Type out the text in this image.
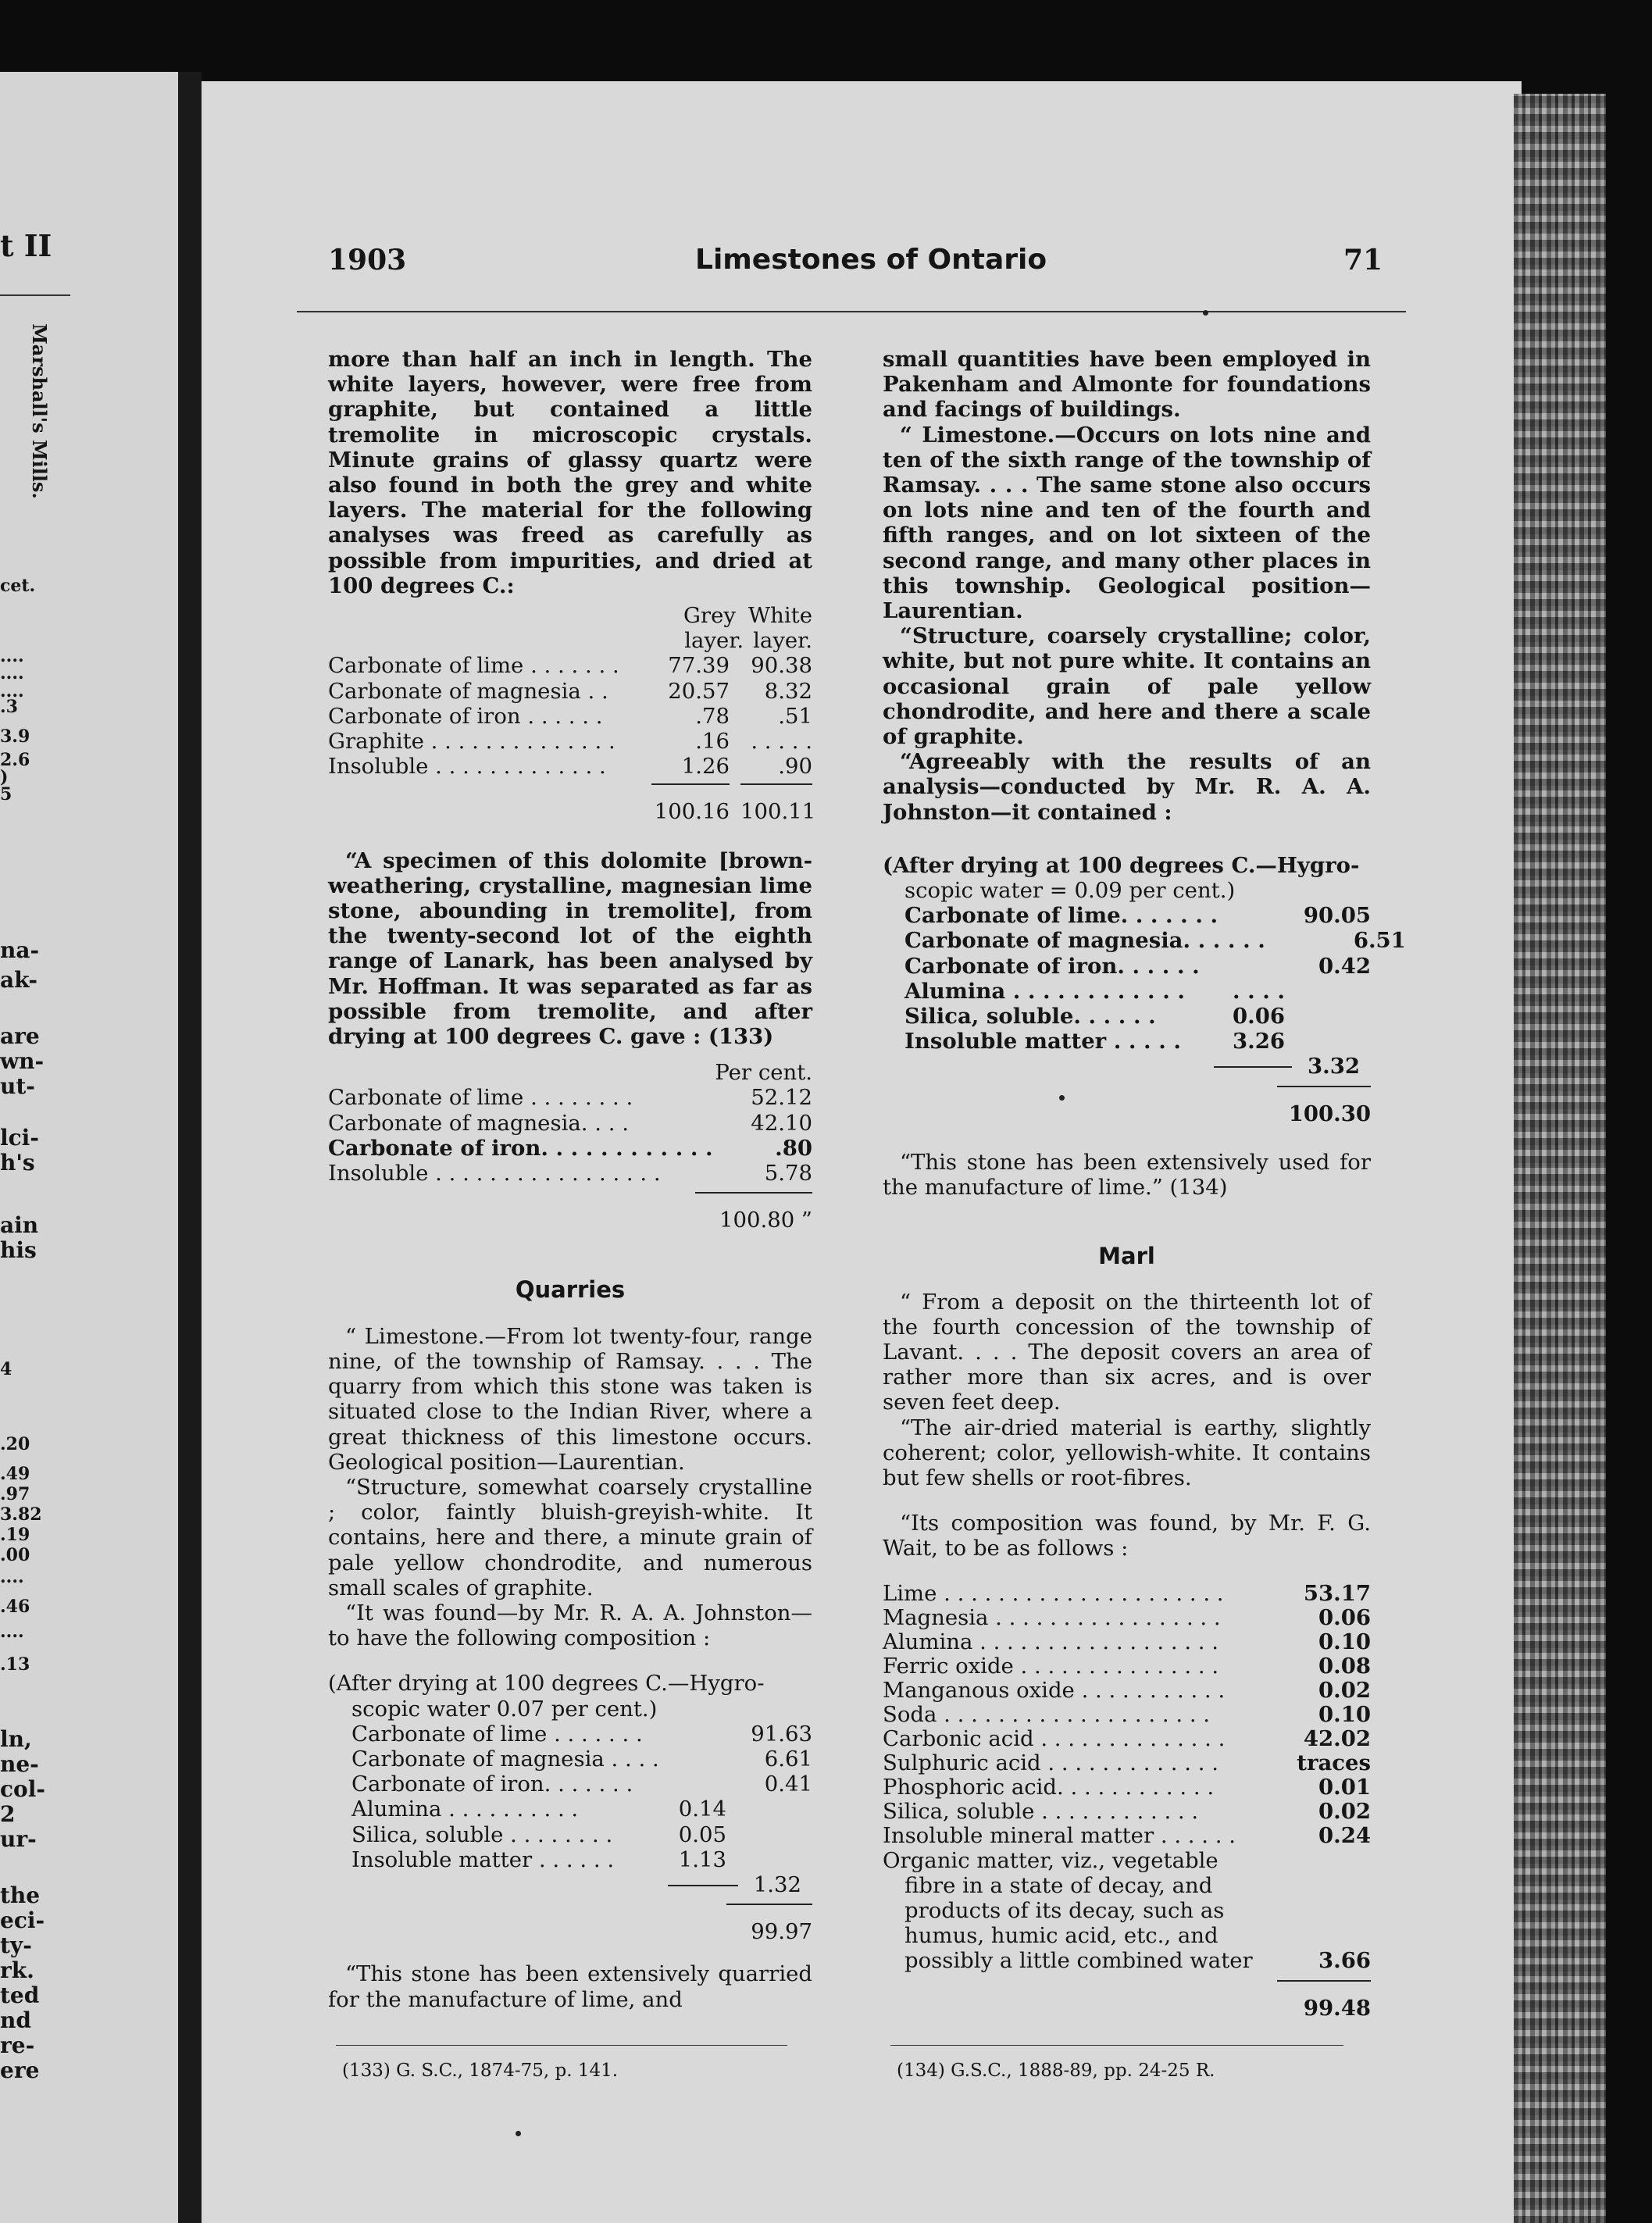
t II
Marshall's Mills.
cet.
....
....
....
.3
3.9
2.6
)
5
na-
ak-
are
wn-
ut-
lci-
h's
ain
his
4
.20
.49
.97
3.82
.19
.00
....
.46
....
.13
ln,
ne-
col-
2
ur-
the
eci-
ty-
rk.
ted
nd
re-
ere
1903	Limestones of Ontario	71

more than half an inch in length. The white layers, however, were free from graphite, but contained a little tremolite in microscopic crystals. Minute grains of glassy quartz were also found in both the grey and white layers. The material for the following analyses was freed as carefully as possible from impurities, and dried at 100 degrees C.:

Grey White
layer. layer.
Carbonate of lime . . . . . . .	77.39 90.38
Carbonate of magnesia . .	20.57	8.32
Carbonate of iron . . . . . .	.78	.51
Graphite . . . . . . . . . . . . . .	.16 . . . . .
Insoluble . . . . . . . . . . . . .	1.26	.90
100.16 100.11

“A specimen of this dolomite [brown-weathering, crystalline, magnesian lime stone, abounding in tremolite], from the twenty-second lot of the eighth range of Lanark, has been analysed by Mr. Hoffman. It was separated as far as possible from tremolite, and after drying at 100 degrees C. gave : (133)

Per cent.
Carbonate of lime . . . . . . . .	52.12
Carbonate of magnesia. . . .	42.10
Carbonate of iron. . . . . . . . . . . .	.80
Insoluble . . . . . . . . . . . . . . . . .	5.78
100.80 ”
Quarries

“ Limestone.—From lot twenty-four, range nine, of the township of Ramsay. . . . The quarry from which this stone was taken is situated close to the Indian River, where a great thickness of this limestone occurs. Geological position—Laurentian.

“Structure, somewhat coarsely crystalline ; color, faintly bluish-greyish-white. It contains, here and there, a minute grain of pale yellow chondrodite, and numerous small scales of graphite.

“It was found—by Mr. R. A. A. Johnston—to have the following composition :

(After drying at 100 degrees C.—Hygro-
scopic water 0.07 per cent.)
Carbonate of lime . . . . . . .	91.63
Carbonate of magnesia . . . .	6.61
Carbonate of iron. . . . . . .	0.41
Alumina . . . . . . . . . .	0.14
Silica, soluble . . . . . . . .	0.05
Insoluble matter . . . . . .	1.13
1.32
99.97

“This stone has been extensively quarried for the manufacture of lime, and

(133) G. S.C., 1874-75, p. 141.

small quantities have been employed in Pakenham and Almonte for foundations and facings of buildings.

“ Limestone.—Occurs on lots nine and ten of the sixth range of the township of Ramsay. . . . The same stone also occurs on lots nine and ten of the fourth and fifth ranges, and on lot sixteen of the second range, and many other places in this township. Geological position—Laurentian.

“Structure, coarsely crystalline; color, white, but not pure white. It contains an occasional grain of pale yellow chondrodite, and here and there a scale of graphite.

“Agreeably with the results of an analysis—conducted by Mr. R. A. A. Johnston—it contained :

(After drying at 100 degrees C.—Hygro-
scopic water = 0.09 per cent.)
Carbonate of lime. . . . . . .	90.05
Carbonate of magnesia. . . . . .	6.51
Carbonate of iron. . . . . .	0.42
Alumina . . . . . . . . . . . . . . . .
Silica, soluble. . . . . .	0.06
Insoluble matter . . . . . 3.26
3.32
100.30

“This stone has been extensively used for the manufacture of lime.” (134)

Marl

“ From a deposit on the thirteenth lot of the fourth concession of the township of Lavant. . . . The deposit covers an area of rather more than six acres, and is over seven feet deep.

“The air-dried material is earthy, slightly coherent; color, yellowish-white. It contains but few shells or root-fibres.

“Its composition was found, by Mr. F. G. Wait, to be as follows :

Lime . . . . . . . . . . . . . . . . . . . . .	53.17
Magnesia . . . . . . . . . . . . . . . . .	0.06
Alumina . . . . . . . . . . . . . . . . . .	0.10
Ferric oxide . . . . . . . . . . . . . . .	0.08
Manganous oxide . . . . . . . . . . .	0.02
Soda . . . . . . . . . . . . . . . . . . . .	0.10
Carbonic acid . . . . . . . . . . . . . .	42.02
Sulphuric acid . . . . . . . . . . . . .	traces
Phosphoric acid. . . . . . . . . . . .	0.01
Silica, soluble . . . . . . . . . . . .	0.02
Insoluble mineral matter . . . . . .	0.24
Organic matter, viz., vegetable
fibre in a state of decay, and
products of its decay, such as
humus, humic acid, etc., and
possibly a little combined water	3.66
99.48
(134) G.S.C., 1888-89, pp. 24-25 R.
